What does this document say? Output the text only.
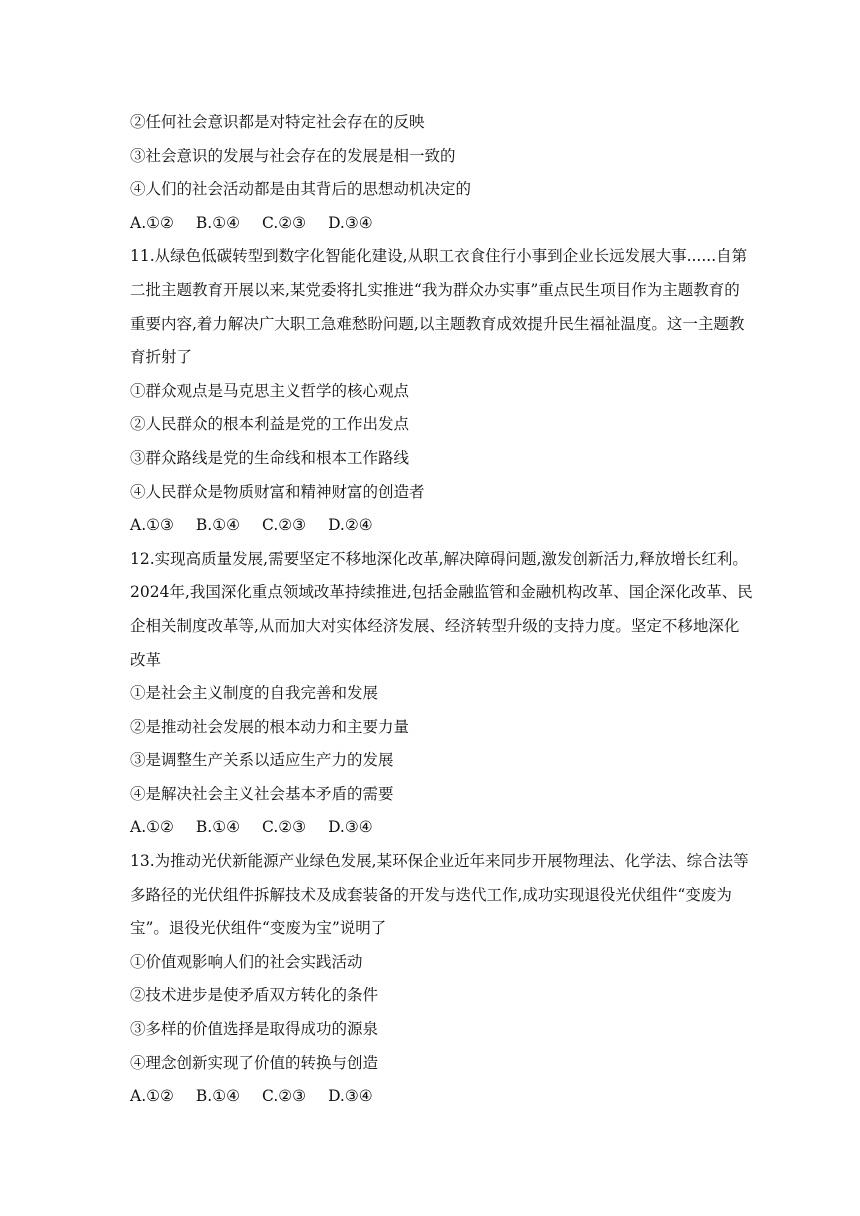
②任何社会意识都是对特定社会存在的反映
③社会意识的发展与社会存在的发展是相一致的
④人们的社会活动都是由其背后的思想动机决定的
A.①② B.①④ C.②③ D.③④
11.从绿色低碳转型到数字化智能化建设,从职工衣食住行小事到企业长远发展大事......自第
二批主题教育开展以来,某党委将扎实推进“我为群众办实事”重点民生项目作为主题教育的
重要内容,着力解决广大职工急难愁盼问题,以主题教育成效提升民生福祉温度。这一主题教
育折射了
①群众观点是马克思主义哲学的核心观点
②人民群众的根本利益是党的工作出发点
③群众路线是党的生命线和根本工作路线
④人民群众是物质财富和精神财富的创造者
A.①③ B.①④ C.②③ D.②④
12.实现高质量发展,需要坚定不移地深化改革,解决障碍问题,激发创新活力,释放增长红利。
2024年,我国深化重点领域改革持续推进,包括金融监管和金融机构改革、国企深化改革、民
企相关制度改革等,从而加大对实体经济发展、经济转型升级的支持力度。坚定不移地深化
改革
①是社会主义制度的自我完善和发展
②是推动社会发展的根本动力和主要力量
③是调整生产关系以适应生产力的发展
④是解决社会主义社会基本矛盾的需要
A.①② B.①④ C.②③ D.③④
13.为推动光伏新能源产业绿色发展,某环保企业近年来同步开展物理法、化学法、综合法等
多路径的光伏组件拆解技术及成套装备的开发与迭代工作,成功实现退役光伏组件“变废为
宝”。退役光伏组件“变废为宝”说明了
①价值观影响人们的社会实践活动
②技术进步是使矛盾双方转化的条件
③多样的价值选择是取得成功的源泉
④理念创新实现了价值的转换与创造
A.①② B.①④ C.②③ D.③④
